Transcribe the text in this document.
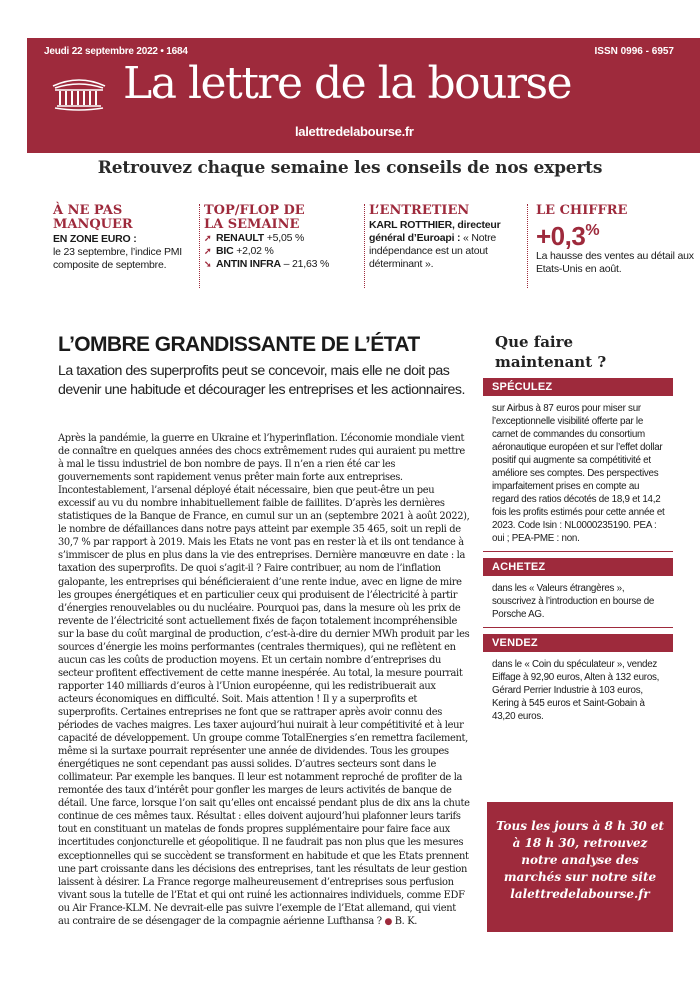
Jeudi 22 septembre 2022 • 1684	ISSN 0996 - 6957
La lettre de la bourse
lalettredelabourse.fr
Retrouvez chaque semaine les conseils de nos experts
À NE PAS MANQUER
EN ZONE EURO :
le 23 septembre, l’indice PMI composite de septembre.
TOP/FLOP DE LA SEMAINE
➚ RENAULT +5,05 %
➚ BIC +2,02 %
➘ ANTIN INFRA – 21,63 %
L’ENTRETIEN
KARL ROTTHIER, directeur général d’Euroapi : « Notre indépendance est un atout déterminant ».
LE CHIFFRE
+0,3%
La hausse des ventes au détail aux Etats-Unis en août.
L’OMBRE GRANDISSANTE DE L’ÉTAT
La taxation des superprofits peut se concevoir, mais elle ne doit pas devenir une habitude et décourager les entreprises et les actionnaires.
Après la pandémie, la guerre en Ukraine et l’hyperinflation. L’économie mondiale vient de connaître en quelques années des chocs extrêmement rudes qui auraient pu mettre à mal le tissu industriel de bon nombre de pays. Il n’en a rien été car les gouvernements sont rapidement venus prêter main forte aux entreprises. Incontestablement, l’arsenal déployé était nécessaire, bien que peut-être un peu excessif au vu du nombre inhabituellement faible de faillites. D’après les dernières statistiques de la Banque de France, en cumul sur un an (septembre 2021 à août 2022), le nombre de défaillances dans notre pays atteint par exemple 35 465, soit un repli de 30,7 % par rapport à 2019. Mais les Etats ne vont pas en rester là et ils ont tendance à s’immiscer de plus en plus dans la vie des entreprises. Dernière manœuvre en date : la taxation des superprofits. De quoi s’agit-il ? Faire contribuer, au nom de l’inflation galopante, les entreprises qui bénéficieraient d’une rente indue, avec en ligne de mire les groupes énergétiques et en particulier ceux qui produisent de l’électricité à partir d’énergies renouvelables ou du nucléaire. Pourquoi pas, dans la mesure où les prix de revente de l’électricité sont actuellement fixés de façon totalement incompréhensible sur la base du coût marginal de production, c’est-à-dire du dernier MWh produit par les sources d’énergie les moins performantes (centrales thermiques), qui ne reflètent en aucun cas les coûts de production moyens. Et un certain nombre d’entreprises du secteur profitent effectivement de cette manne inespérée. Au total, la mesure pourrait rapporter 140 milliards d’euros à l’Union européenne, qui les redistribuerait aux acteurs économiques en difficulté. Soit. Mais attention ! Il y a superprofits et superprofits. Certaines entreprises ne font que se rattraper après avoir connu des périodes de vaches maigres. Les taxer aujourd’hui nuirait à leur compétitivité et à leur capacité de développement. Un groupe comme TotalEnergies s’en remettra facilement, même si la surtaxe pourrait représenter une année de dividendes. Tous les groupes énergétiques ne sont cependant pas aussi solides. D’autres secteurs sont dans le collimateur. Par exemple les banques. Il leur est notamment reproché de profiter de la remontée des taux d’intérêt pour gonfler les marges de leurs activités de banque de détail. Une farce, lorsque l’on sait qu’elles ont encaissé pendant plus de dix ans la chute continue de ces mêmes taux. Résultat : elles doivent aujourd’hui plafonner leurs tarifs tout en constituant un matelas de fonds propres supplémentaire pour faire face aux incertitudes conjoncturelle et géopolitique. Il ne faudrait pas non plus que les mesures exceptionnelles qui se succèdent se transforment en habitude et que les Etats prennent une part croissante dans les décisions des entreprises, tant les résultats de leur gestion laissent à désirer. La France regorge malheureusement d’entreprises sous perfusion vivant sous la tutelle de l’Etat et qui ont ruiné les actionnaires individuels, comme EDF ou Air France-KLM. Ne devrait-elle pas suivre l’exemple de l’Etat allemand, qui vient au contraire de se désengager de la compagnie aérienne Lufthansa ? ● B. K.
Que faire maintenant ?
SPÉCULEZ
sur Airbus à 87 euros pour miser sur l’exceptionnelle visibilité offerte par le carnet de commandes du consortium aéronautique européen et sur l’effet dollar positif qui augmente sa compétitivité et améliore ses comptes. Des perspectives imparfaitement prises en compte au regard des ratios décotés de 18,9 et 14,2 fois les profits estimés pour cette année et 2023. Code Isin : NL0000235190. PEA : oui ; PEA-PME : non.
ACHETEZ
dans les « Valeurs étrangères », souscrivez à l’introduction en bourse de Porsche AG.
VENDEZ
dans le « Coin du spéculateur », vendez Eiffage à 92,90 euros, Alten à 132 euros, Gérard Perrier Industrie à 103 euros, Kering à 545 euros et Saint-Gobain à 43,20 euros.
Tous les jours à 8 h 30 et à 18 h 30, retrouvez notre analyse des marchés sur notre site lalettredelabourse.fr
